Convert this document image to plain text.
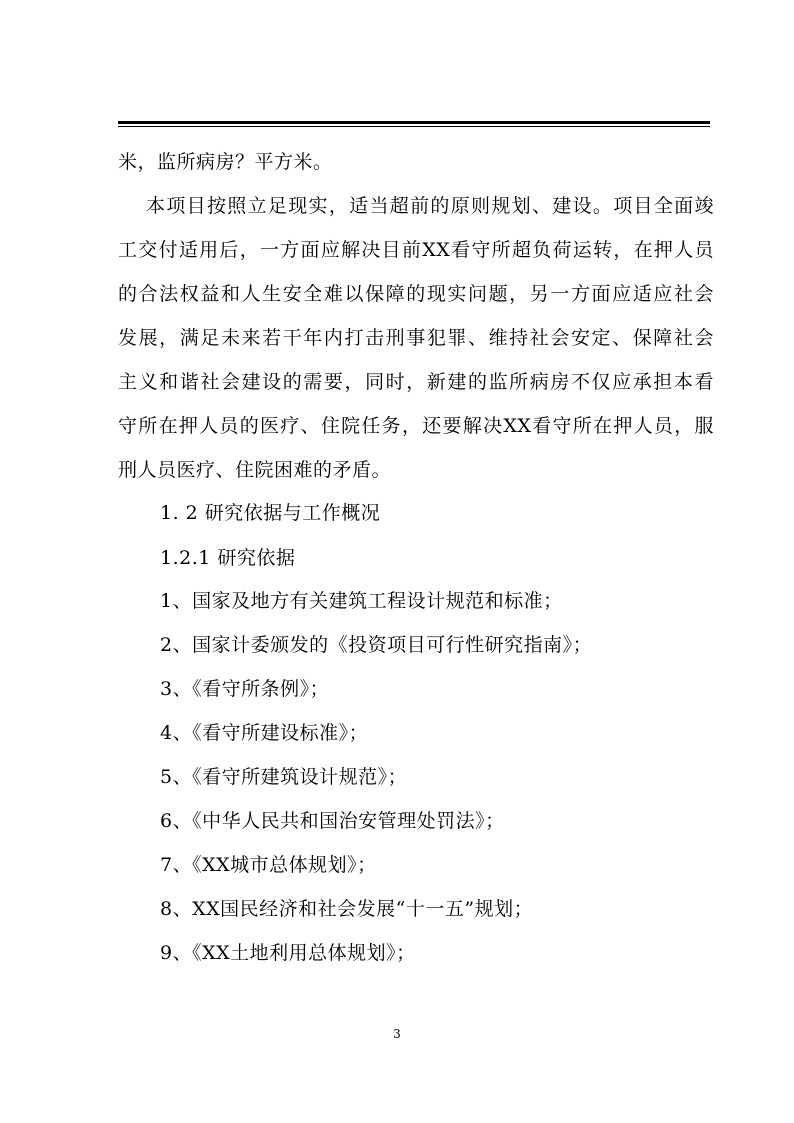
米，监所病房？平方米。
本项目按照立足现实，适当超前的原则规划、建设。项目全面竣
工交付适用后，一方面应解决目前XX看守所超负荷运转，在押人员
的合法权益和人生安全难以保障的现实问题，另一方面应适应社会
发展，满足未来若干年内打击刑事犯罪、维持社会安定、保障社会
主义和谐社会建设的需要，同时，新建的监所病房不仅应承担本看
守所在押人员的医疗、住院任务，还要解决XX看守所在押人员，服
刑人员医疗、住院困难的矛盾。
1. 2 研究依据与工作概况
1.2.1 研究依据
1、国家及地方有关建筑工程设计规范和标准；
2、国家计委颁发的《投资项目可行性研究指南》；
3、《看守所条例》；
4、《看守所建设标准》；
5、《看守所建筑设计规范》；
6、《中华人民共和国治安管理处罚法》；
7、《XX城市总体规划》；
8、XX国民经济和社会发展“十一五”规划；
9、《XX土地利用总体规划》；
3
